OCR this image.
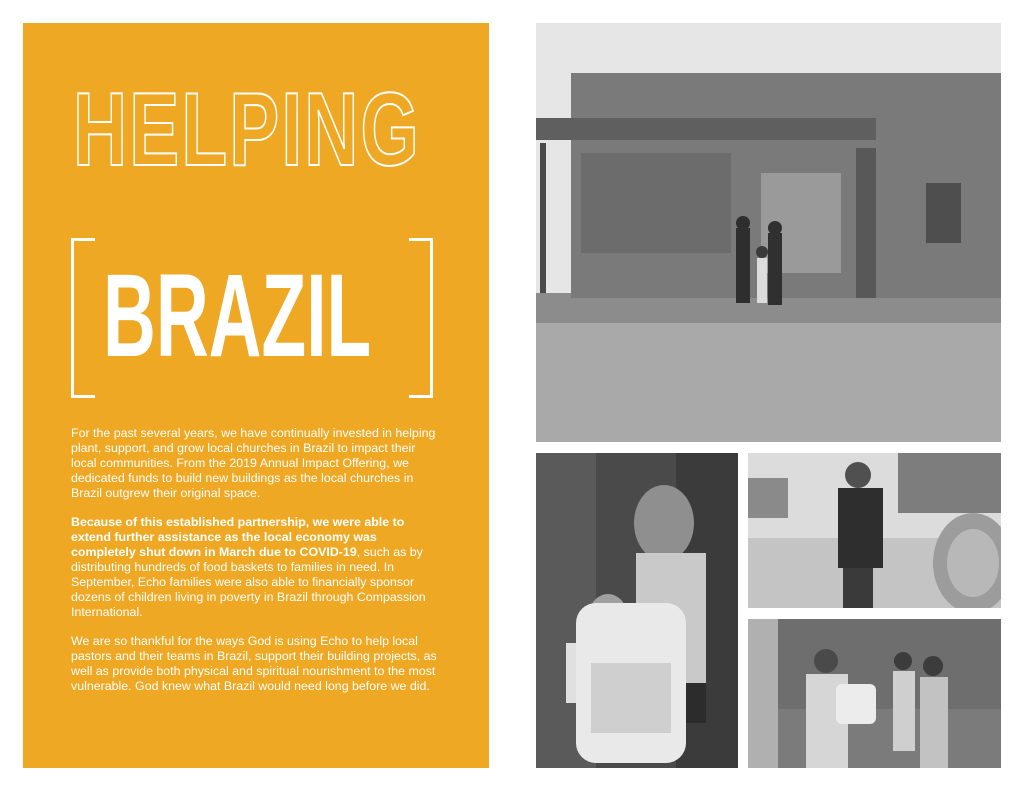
HELPING
BRAZIL

For the past several years, we have continually invested in helping plant, support, and grow local churches in Brazil to impact their local communities. From the 2019 Annual Impact Offering, we dedicated funds to build new buildings as the local churches in Brazil outgrew their original space.

Because of this established partnership, we were able to extend further assistance as the local economy was completely shut down in March due to COVID-19, such as by distributing hundreds of food baskets to families in need. In September, Echo families were also able to financially sponsor dozens of children living in poverty in Brazil through Compassion International.

We are so thankful for the ways God is using Echo to help local pastors and their teams in Brazil, support their building projects, as well as provide both physical and spiritual nourishment to the most vulnerable. God knew what Brazil would need long before we did.
